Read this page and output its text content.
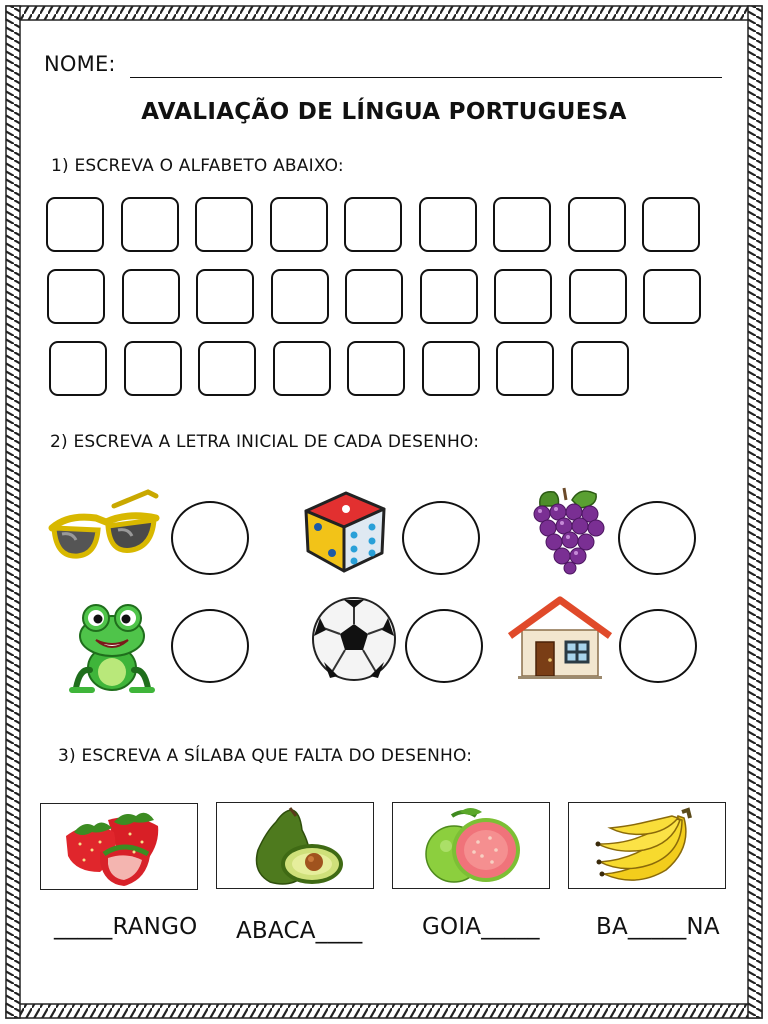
NOME:
AVALIAÇÃO DE LÍNGUA PORTUGUESA
1) ESCREVA O ALFABETO ABAIXO:
2) ESCREVA A LETRA INICIAL DE CADA DESENHO:
3) ESCREVA A SÍLABA QUE FALTA DO DESENHO:
_____RANGO ABACA____	GOIA_____ BA_____NA
